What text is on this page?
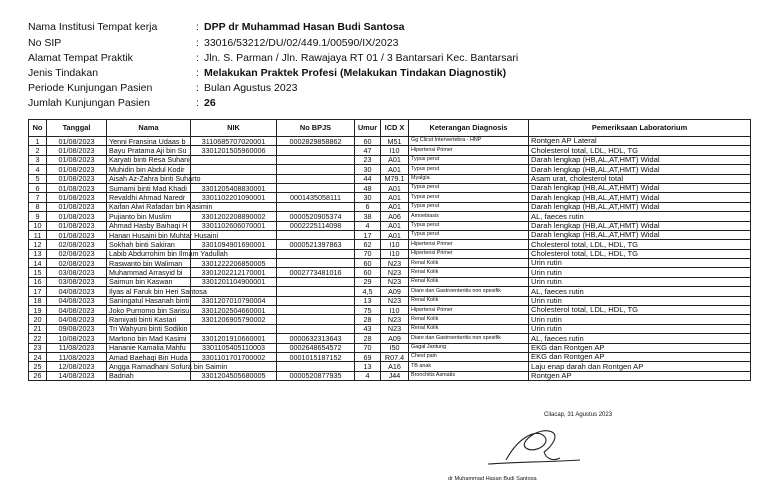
Nama Institusi Tempat kerja	: DPP dr Muhammad Hasan Budi Santosa
No SIP	: 33016/53212/DU/02/449.1/00590/IX/2023
Alamat Tempat Praktik	: Jln. S. Parman / Jln. Rawajaya RT 01 / 3 Bantarsari Kec. Bantarsari
Jenis Tindakan	: Melakukan Praktek Profesi (Melakukan Tindakan Diagnostik)
Periode Kunjungan Pasien	: Bulan Agustus 2023
Jumlah Kunjungan Pasien	: 26
No	Tanggal	Nama	NIK	No BPJS	Umur	ICD X	Keterangan Diagnosis	Pemeriksaan Laboratorium
1	01/08/2023	Yenni Fransina Udaas b	3110685707020001	0002829858862	60	M51	Gg Clicut Intervertebra - HNP	Rontgen AP Lateral
2	01/08/2023	Bayu Pratama Aji bin Su	3301201505960006		47	I10	Hipertensi Primer	Cholesterol total, LDL, HDL, TG
3	01/08/2023	Karyati binti Resa Suhani			23	A01	Typus perut	Darah lengkap (HB,AL,AT,HMT) Widal
4	01/08/2023	Muhidin bin Abdul Kodir			30	A01	Typus perut	Darah lengkap (HB,AL,AT,HMT) Widal
5	01/08/2023	Aisah Az-Zahra binti Suharto			44	M79.1	Myalgia	Asam urat, cholesterol total
6	01/08/2023	Sumami binti Mad Khadi	3301205408830001		48	A01	Typus perut	Darah lengkap (HB,AL,AT,HMT) Widal
7	01/08/2023	Revaldhi Ahmad Naredr	3301102201090001	0001435058111	30	A01	Typus perut	Darah lengkap (HB,AL,AT,HMT) Widal
8	01/08/2023	Kaifan Alwi Rafadan bin Kasimin			6	A01	Typus perut	Darah lengkap (HB,AL,AT,HMT) Widal
9	01/08/2023	Pujianto bin Muslim	3301202208890002	0000520905374	38	A06	Amoebiasis	AL, faeces rutin
10	01/08/2023	Ahmad Hasby Baihaqi H	3301102606070001	0002225114098	4	A01	Typus perut	Darah lengkap (HB,AL,AT,HMT) Widal
11	01/08/2023	Hanan Husaini bin Muhtar Husaini			17	A01	Typus perut	Darah lengkap (HB,AL,AT,HMT) Widal
12	02/08/2023	Sokhah binti Sakiran	3301094901690001	0000521397863	62	I10	Hipertensi Primer	Cholesterol total, LDL, HDL, TG
13	02/08/2023	Labib Abdurrohim bin Ilmam Yadullah			70	I10	Hipertensi Primer	Cholesterol total, LDL, HDL, TG
14	02/08/2023	Raswanto bin Waliman	3301222206850005		60	N23	Renal Kolik	Urin rutin
15	03/08/2023	Muhammad Arrasyid bi	3301202212170001	0002773481016	60	N23	Renal Kolik	Urin rutin
16	03/08/2023	Saimun bin Kaswan	3301201104900001		29	N23	Renal Kolik	Urin rutin
17	04/08/2023	Ilyas al Faruk bin Heri Santosa			4,5	A09	Diare dan Gastroenteritis non spesifik	AL, faeces rutin
18	04/08/2023	Saningatul Hasanah binti	3301207010790004		13	N23	Renal Kolik	Urin rutin
19	04/08/2023	Joko Purnomo bin Sarisu	3301202504660001		75	I10	Hipertensi Primer	Cholesterol total, LDL, HDL, TG
20	04/08/2023	Ramiyati binti Kastari	3301206905790002		28	N23	Renal Kolik	Urin rutin
21	09/08/2023	Tri Wahyuni binti Sodikin			43	N23	Renal Kolik	Urin rutin
22	10/08/2023	Martono bin Mad Kasimi	3301201910660001	0000632313643	28	A09	Diare dan Gastroenteritis non spesifik	AL, faeces rutin
23	11/08/2023	Hananie Kamalia Mahfu	3301105405110003	0002648654572	70	I50	Gagal Jantung	EKG dan Rontgen AP
24	11/08/2023	Amad Baehaqi Bin Huda	3301101701700002	0001015187152	69	R07.4	Chest pain	EKG dan Rontgen AP
25	12/08/2023	Angga Ramadhani Sofura bin Saimin			13	A16	TB anak	Laju enap darah dan Rontgen AP
26	14/08/2023	Badriah	3301204505680005	0000520877935	4	J44	Bronchitis Asmatis	Rontgen AP
Cilacap, 31 Agustus 2023
dr Muhammad Hasan Budi Santosa
